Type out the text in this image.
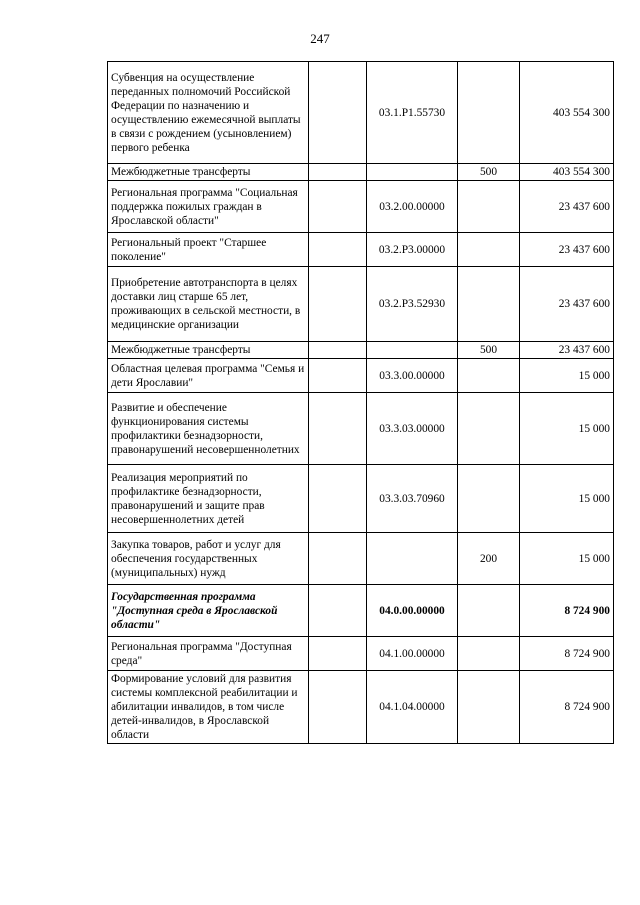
247
Субвенция на осуществление переданных полномочий Российской Федерации по назначению и осуществлению ежемесячной выплаты в связи с рождением (усыновлением) первого ребенка		03.1.P1.55730		403 554 300
Межбюджетные трансферты			500	403 554 300
Региональная программа "Социальная поддержка пожилых граждан в Ярославской области"		03.2.00.00000		23 437 600
Региональный проект "Старшее поколение"		03.2.P3.00000		23 437 600
Приобретение автотранспорта в целях доставки лиц старше 65 лет, проживающих в сельской местности, в медицинские организации		03.2.P3.52930		23 437 600
Межбюджетные трансферты			500	23 437 600
Областная целевая программа "Семья и дети Ярославии"		03.3.00.00000		15 000
Развитие и обеспечение функционирования системы профилактики безнадзорности, правонарушений несовершеннолетних		03.3.03.00000		15 000
Реализация мероприятий по профилактике безнадзорности, правонарушений и защите прав несовершеннолетних детей		03.3.03.70960		15 000
Закупка товаров, работ и услуг для обеспечения государственных (муниципальных) нужд			200	15 000
Государственная программа "Доступная среда в Ярославской области"		04.0.00.00000		8 724 900
Региональная программа "Доступная среда"		04.1.00.00000		8 724 900
Формирование условий для развития системы комплексной реабилитации и абилитации инвалидов, в том числе детей-инвалидов, в Ярославской области		04.1.04.00000		8 724 900
